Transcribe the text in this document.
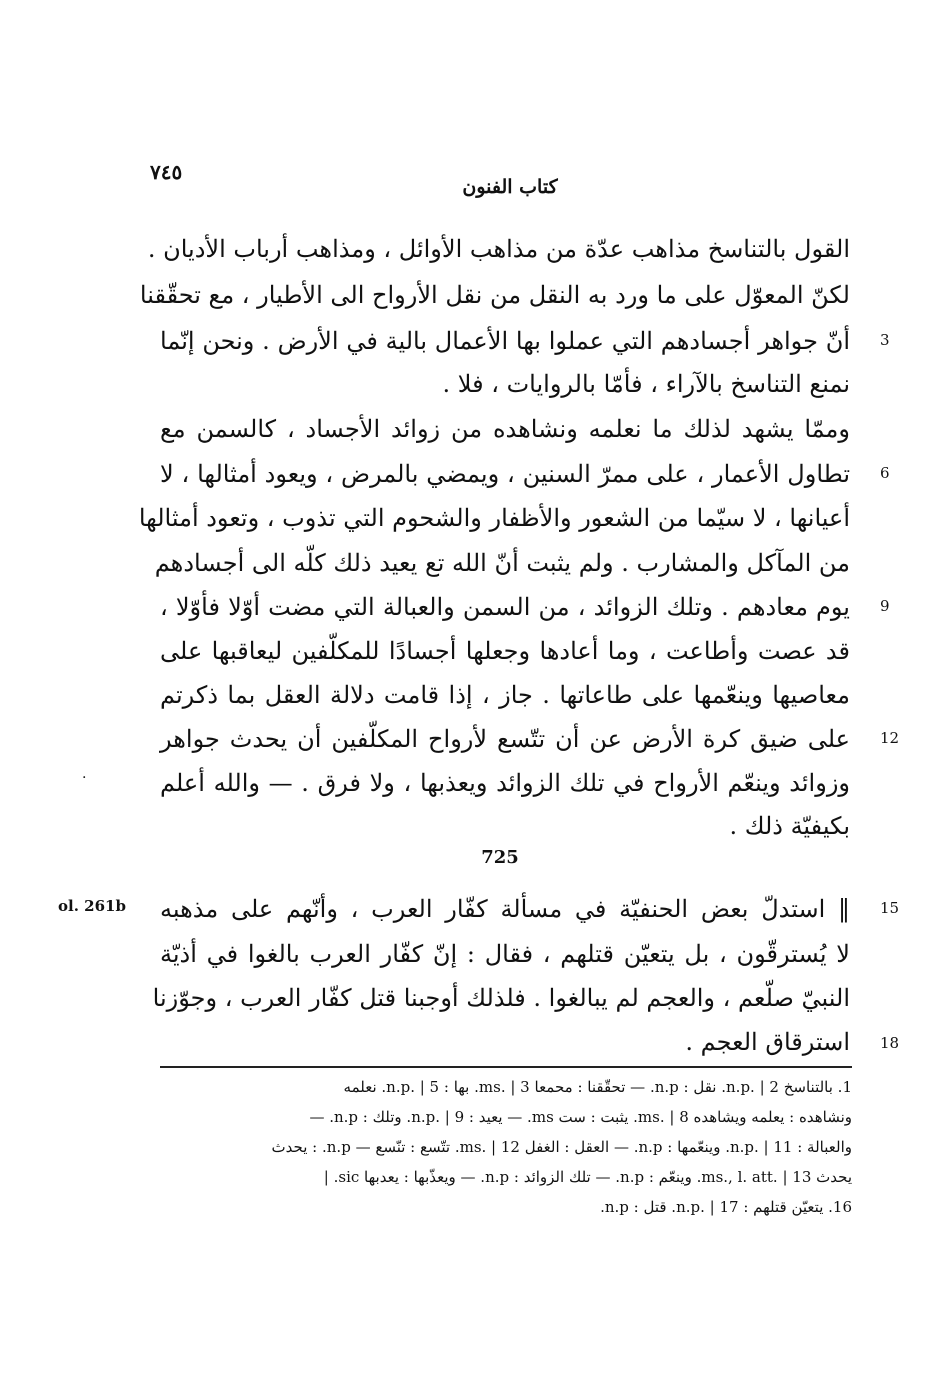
٧٤٥
كتاب الفنون
القول بالتناسخ مذاهب عدّة من مذاهب الأوائل ، ومذاهب أرباب الأديان .
لكنّ المعوّل على ما ورد به النقل من نقل الأرواح الى الأطيار ، مع تحقّقنا
أنّ جواهر أجسادهم التي عملوا بها الأعمال بالية في الأرض . ونحن إنّما 3
نمنع التناسخ بالآراء ، فأمّا بالروايات ، فلا .
وممّا يشهد لذلك ما نعلمه ونشاهده من زوائد الأجساد ، كالسمن مع
تطاول الأعمار ، على ممرّ السنين ، ويمضي بالمرض ، ويعود أمثالها ، لا 6
أعيانها ، لا سيّما من الشعور والأظفار والشحوم التي تذوب ، وتعود أمثالها
من المآكل والمشارب . ولم يثبت أنّ الله تع يعيد ذلك كلّه الى أجسادهم
يوم معادهم . وتلك الزوائد ، من السمن والعبالة التي مضت أوّلا فأوّلا ، 9
قد عصت وأطاعت ، وما أعادها وجعلها أجسادًا للمكلّفين ليعاقبها على
معاصيها وينعّمها على طاعاتها . جاز ، إذا قامت دلالة العقل بما ذكرتم
على ضيق كرة الأرض عن أن تتّسع لأرواح المكلّفين أن يحدث جواهر 12
وزوائد وينعّم الأرواح في تلك الزوائد ويعذبها ، ولا فرق . — والله أعلم
بكيفيّة ذلك .
.
725
ol. 261b ‖ استدلّ بعض الحنفيّة في مسألة كفّار العرب ، وأنّهم على مذهبه 15
لا يُسترقّون ، بل يتعيّن قتلهم ، فقال : إنّ كفّار العرب بالغوا في أذيّة
النبيّ صلّعم ، والعجم لم يبالغوا . فلذلك أوجبنا قتل كفّار العرب ، وجوّزنا
استرقاق العجم . 18
1. بالتناسخ n.p. | 2. نقل : n.p. — تحقّقنا : محمعا ms. | 3. بها : n.p. | 5. نعلمه
ونشاهده : يعلمه ويشاهده ms. | 8. يثبت : ست ms. — يعيد : n.p. | 9. وتلك : n.p. —
والعبالة : n.p. | 11. وينعّمها : n.p. — العقل : الغفل ms. | 12. تتّسع : تنّسع — n.p. : يحدث
يحدث ms., l. att. | 13. وينعّم : n.p. — تلك الزوائد : n.p. — ويعذّبها : يعدبها sic. |
16. يتعيّن قتلهم : n.p. | 17. قتل : n.p.
